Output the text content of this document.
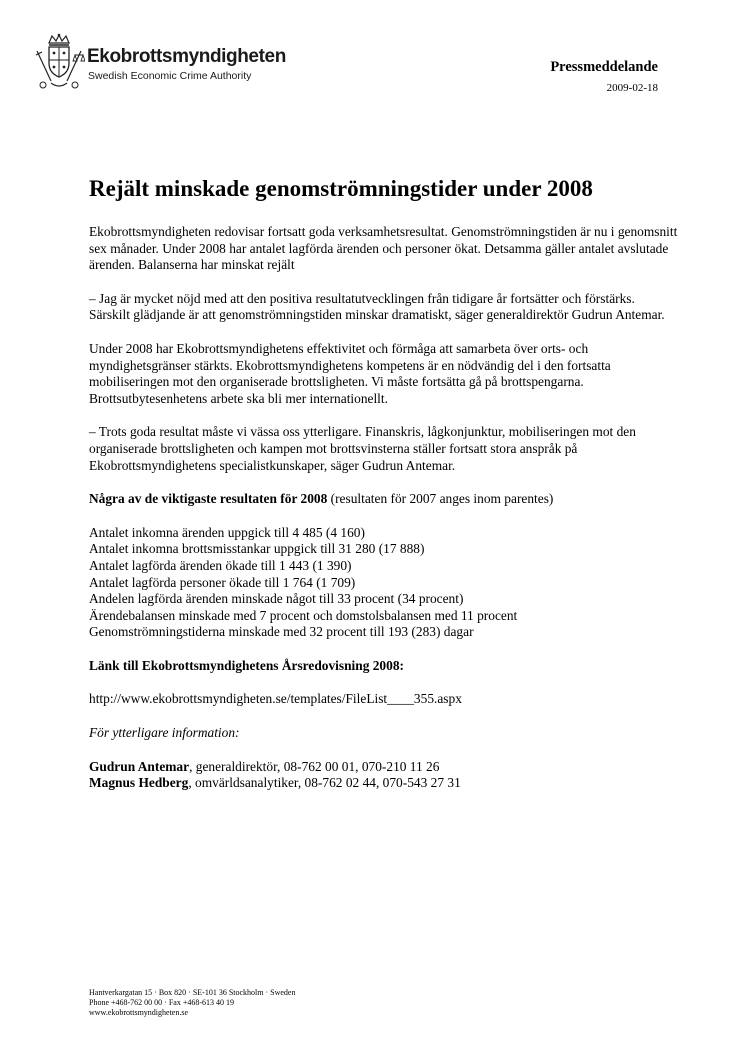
Ekobrottsmyndigheten
Swedish Economic Crime Authority
Pressmeddelande
2009-02-18
Rejält minskade genomströmningstider under 2008

Ekobrottsmyndigheten redovisar fortsatt goda verksamhetsresultat. Genomströmningstiden är nu i genomsnitt sex månader. Under 2008 har antalet lagförda ärenden och personer ökat. Detsamma gäller antalet avslutade ärenden. Balanserna har minskat rejält

– Jag är mycket nöjd med att den positiva resultatutvecklingen från tidigare år fortsätter och förstärks. Särskilt glädjande är att genomströmningstiden minskar dramatiskt, säger generaldirektör Gudrun Antemar.

Under 2008 har Ekobrottsmyndighetens effektivitet och förmåga att samarbeta över orts- och myndighetsgränser stärkts. Ekobrottsmyndighetens kompetens är en nödvändig del i den fortsatta mobiliseringen mot den organiserade brottsligheten. Vi måste fortsätta gå på brottspengarna. Brottsutbytesenhetens arbete ska bli mer internationellt.

– Trots goda resultat måste vi vässa oss ytterligare. Finanskris, lågkonjunktur, mobiliseringen mot den organiserade brottsligheten och kampen mot brottsvinsterna ställer fortsatt stora anspråk på Ekobrottsmyndighetens specialistkunskaper, säger Gudrun Antemar.

Några av de viktigaste resultaten för 2008 (resultaten för 2007 anges inom parentes)

Antalet inkomna ärenden uppgick till 4 485 (4 160)

Antalet inkomna brottsmisstankar uppgick till 31 280 (17 888)

Antalet lagförda ärenden ökade till 1 443 (1 390)

Antalet lagförda personer ökade till 1 764 (1 709)

Andelen lagförda ärenden minskade något till 33 procent (34 procent)

Ärendebalansen minskade med 7 procent och domstolsbalansen med 11 procent

Genomströmningstiderna minskade med 32 procent till 193 (283) dagar

Länk till Ekobrottsmyndighetens Årsredovisning 2008:

http://www.ekobrottsmyndigheten.se/templates/FileList____355.aspx

För ytterligare information:

Gudrun Antemar, generaldirektör, 08-762 00 01, 070-210 11 26

Magnus Hedberg, omvärldsanalytiker, 08-762 02 44, 070-543 27 31

Hantverkargatan 15 · Box 820 · SE-101 36 Stockholm · Sweden
Phone +468-762 00 00 · Fax +468-613 40 19
www.ekobrottsmyndigheten.se
